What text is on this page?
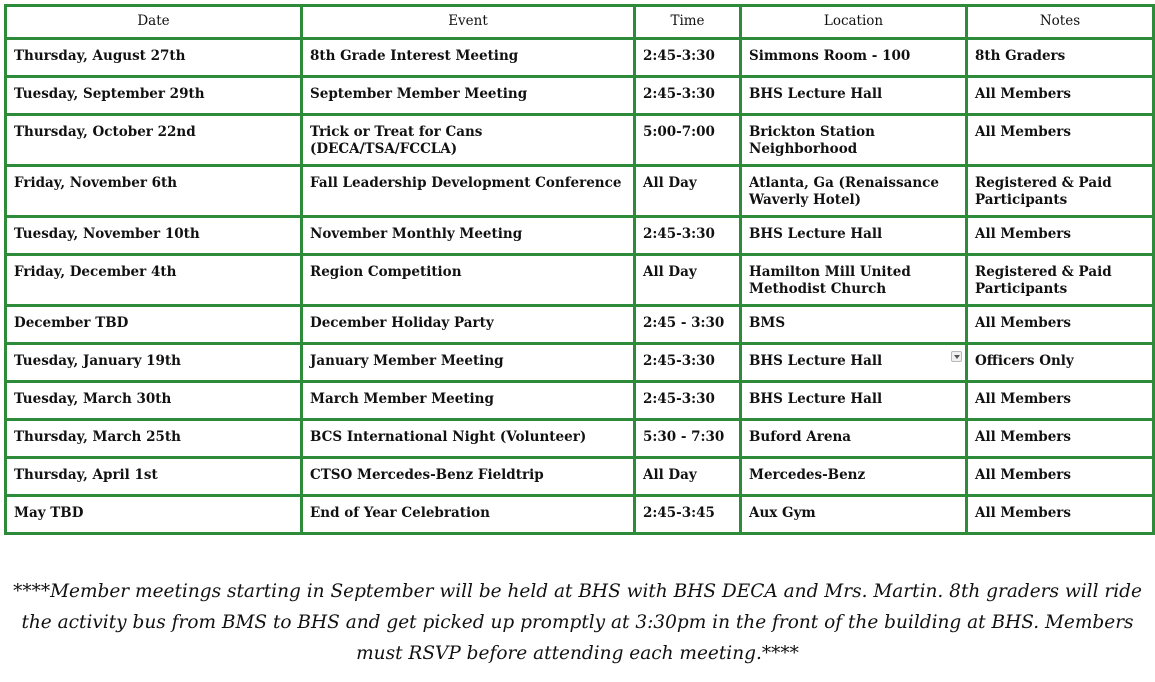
Date	Event	Time	Location	Notes
Thursday, August 27th	8th Grade Interest Meeting	2:45-3:30	Simmons Room - 100	8th Graders
Tuesday, September 29th	September Member Meeting	2:45-3:30	BHS Lecture Hall	All Members
Thursday, October 22nd	Trick or Treat for Cans (DECA/TSA/FCCLA)	5:00-7:00	Brickton Station Neighborhood	All Members
Friday, November 6th	Fall Leadership Development Conference	All Day	Atlanta, Ga (Renaissance Waverly Hotel)	Registered & Paid Participants
Tuesday, November 10th	November Monthly Meeting	2:45-3:30	BHS Lecture Hall	All Members
Friday, December 4th	Region Competition	All Day	Hamilton Mill United Methodist Church	Registered & Paid Participants
December TBD	December Holiday Party	2:45 - 3:30	BMS	All Members
Tuesday, January 19th	January Member Meeting	2:45-3:30	BHS Lecture Hall	Officers Only
Tuesday, March 30th	March Member Meeting	2:45-3:30	BHS Lecture Hall	All Members
Thursday, March 25th	BCS International Night (Volunteer)	5:30 - 7:30	Buford Arena	All Members
Thursday, April 1st	CTSO Mercedes-Benz Fieldtrip	All Day	Mercedes-Benz	All Members
May TBD	End of Year Celebration	2:45-3:45	Aux Gym	All Members
****Member meetings starting in September will be held at BHS with BHS DECA and Mrs. Martin. 8th graders will ride the activity bus from BMS to BHS and get picked up promptly at 3:30pm in the front of the building at BHS. Members must RSVP before attending each meeting.****
